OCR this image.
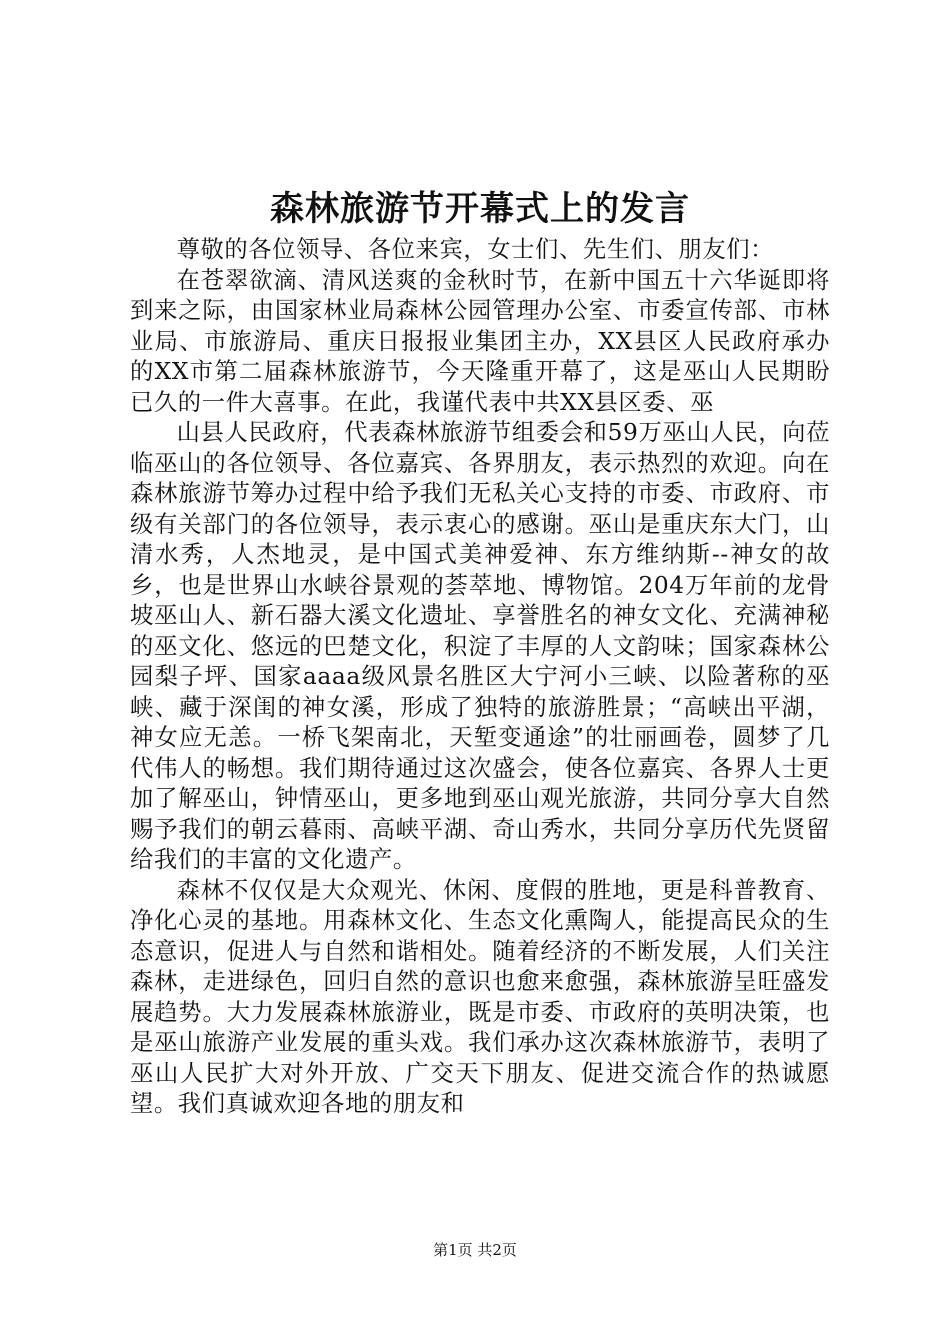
森林旅游节开幕式上的发言

尊敬的各位领导、各位来宾，女士们、先生们、朋友们：

在苍翠欲滴、清风送爽的金秋时节，在新中国五十六华诞即将到来之际，由国家林业局森林公园管理办公室、市委宣传部、市林业局、市旅游局、重庆日报报业集团主办，XX县区人民政府承办的XX市第二届森林旅游节，今天隆重开幕了，这是巫山人民期盼已久的一件大喜事。在此，我谨代表中共XX县区委、巫

山县人民政府，代表森林旅游节组委会和59万巫山人民，向莅临巫山的各位领导、各位嘉宾、各界朋友，表示热烈的欢迎。向在森林旅游节筹办过程中给予我们无私关心支持的市委、市政府、市级有关部门的各位领导，表示衷心的感谢。巫山是重庆东大门，山清水秀，人杰地灵，是中国式美神爱神、东方维纳斯--神女的故乡，也是世界山水峡谷景观的荟萃地、博物馆。204万年前的龙骨坡巫山人、新石器大溪文化遗址、享誉胜名的神女文化、充满神秘的巫文化、悠远的巴楚文化，积淀了丰厚的人文韵味；国家森林公园梨子坪、国家aaaa级风景名胜区大宁河小三峡、以险著称的巫峡、藏于深闺的神女溪，形成了独特的旅游胜景；“高峡出平湖，神女应无恙。一桥飞架南北，天堑变通途”的壮丽画卷，圆梦了几代伟人的畅想。我们期待通过这次盛会，使各位嘉宾、各界人士更加了解巫山，钟情巫山，更多地到巫山观光旅游，共同分享大自然赐予我们的朝云暮雨、高峡平湖、奇山秀水，共同分享历代先贤留给我们的丰富的文化遗产。

森林不仅仅是大众观光、休闲、度假的胜地，更是科普教育、净化心灵的基地。用森林文化、生态文化熏陶人，能提高民众的生态意识，促进人与自然和谐相处。随着经济的不断发展，人们关注森林，走进绿色，回归自然的意识也愈来愈强，森林旅游呈旺盛发展趋势。大力发展森林旅游业，既是市委、市政府的英明决策，也是巫山旅游产业发展的重头戏。我们承办这次森林旅游节，表明了巫山人民扩大对外开放、广交天下朋友、促进交流合作的热诚愿望。我们真诚欢迎各地的朋友和

第1页 共2页
